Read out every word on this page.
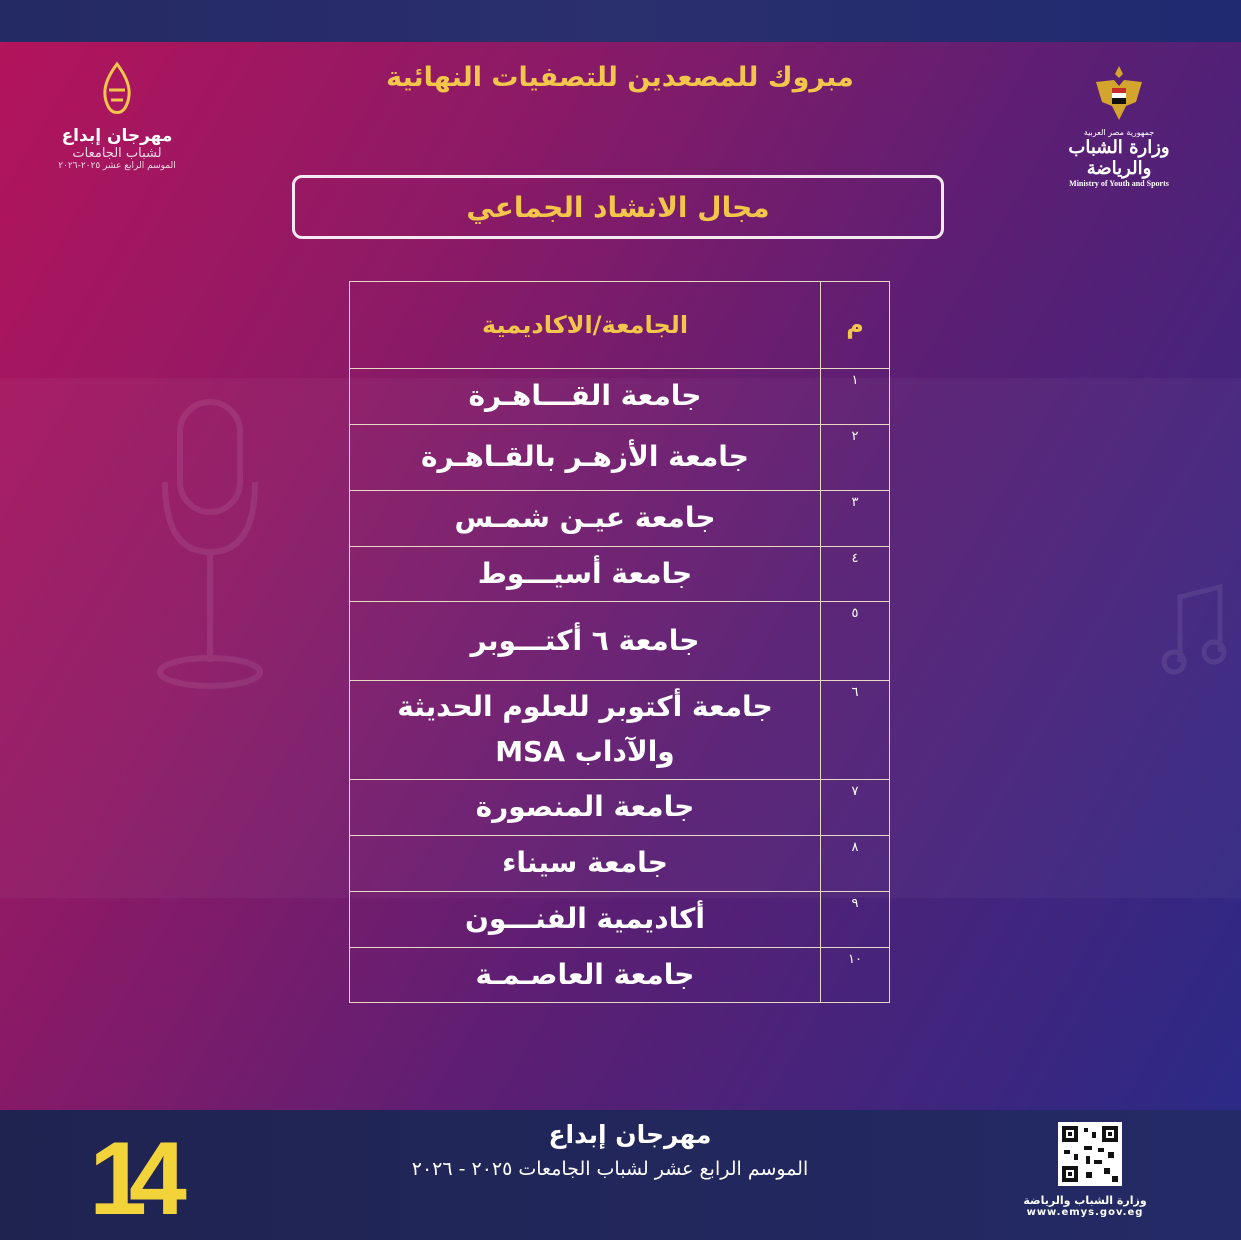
مبروك للمصعدين للتصفيات النهائية
مهرجان إبداع
لشباب الجامعات
الموسم الرابع عشر ٢٠٢٥-٢٠٢٦
جمهورية مصر العربية
وزارة الشباب والرياضة
Ministry of Youth and Sports
مجال الانشاد الجماعي
م	الجامعة/الاكاديمية
١	جامعة القـــاهـرة
٢	جامعة الأزهـر بالقـاهـرة
٣	جامعة عيـن شمـس
٤	جامعة أسيـــوط
٥	جامعة ٦ أكتـــوبر
٦	جامعة أكتوبر للعلوم الحديثة والآداب MSA
٧	جامعة المنصورة
٨	جامعة سيناء
٩	أكاديمية الفنـــون
١٠	جامعة العاصـمـة
14	مهرجان إبداع
الموسم الرابع عشر لشباب الجامعات ٢٠٢٥ - ٢٠٢٦
وزارة الشباب والرياضة
www.emys.gov.eg
